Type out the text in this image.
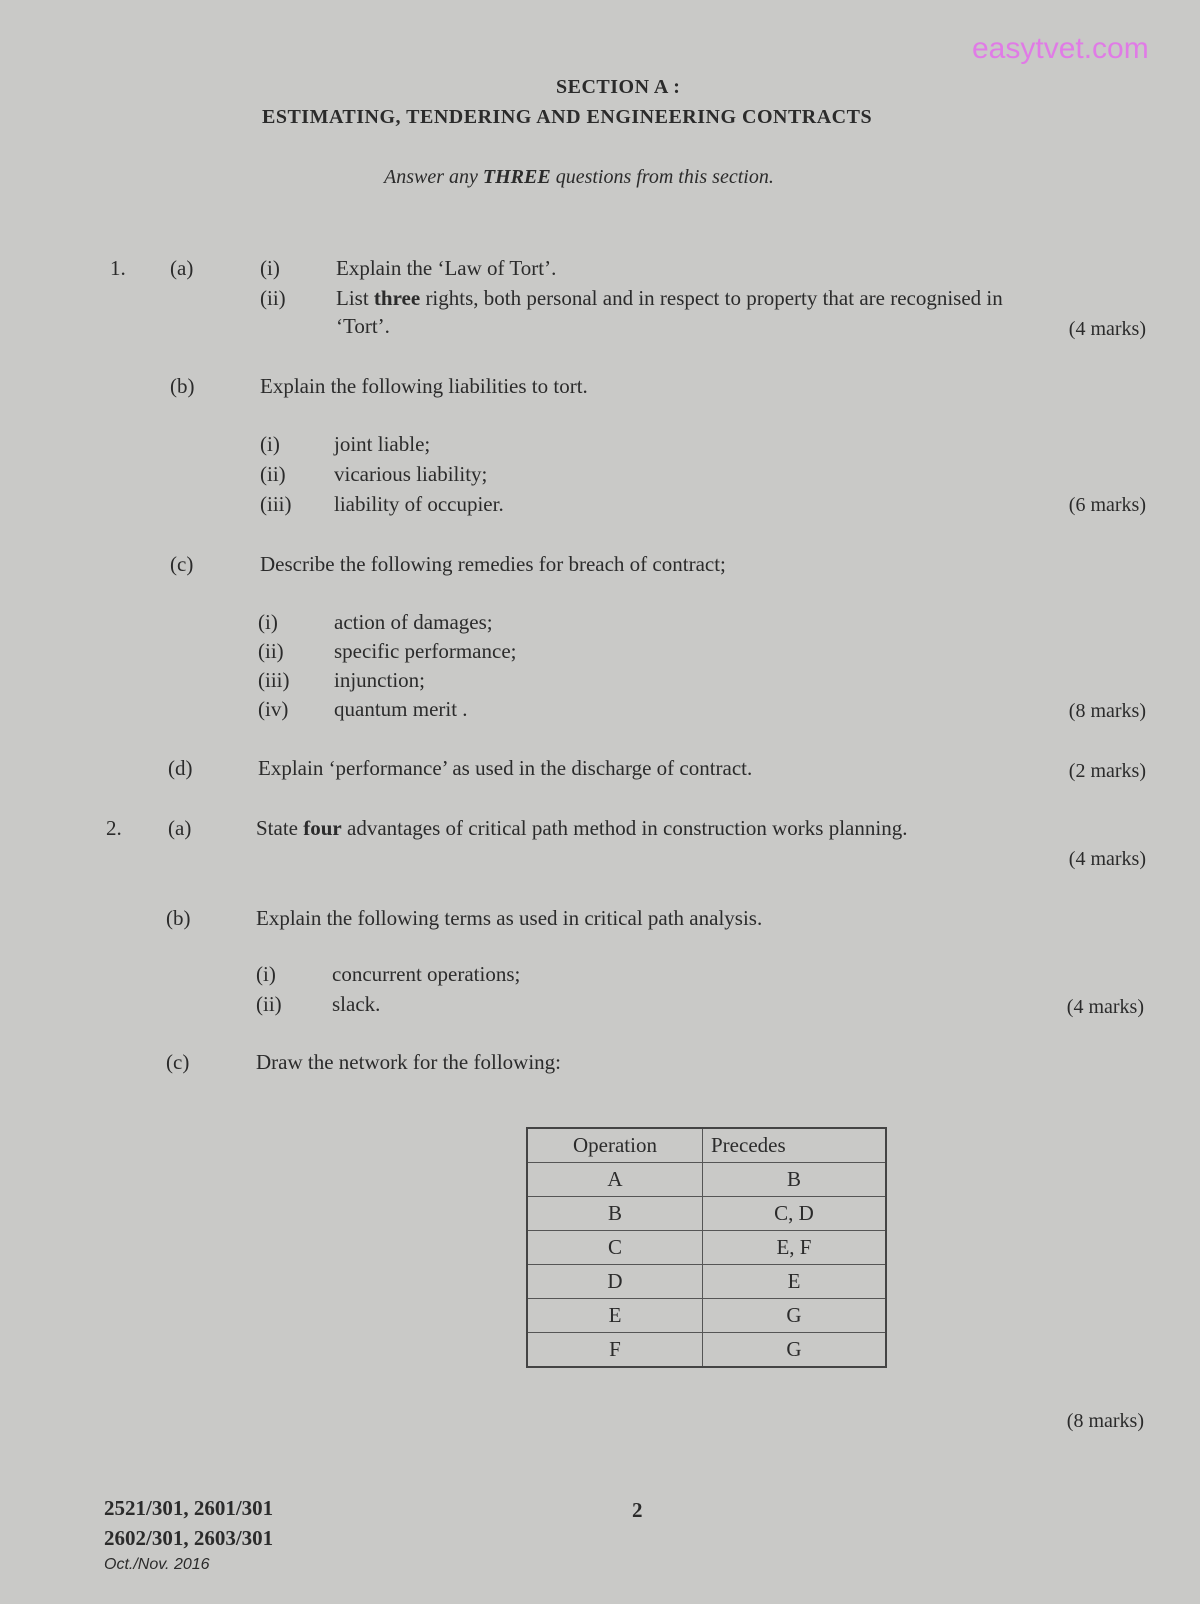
easytvet.com
SECTION A :
ESTIMATING, TENDERING AND ENGINEERING CONTRACTS
Answer any THREE questions from this section.
1. (a)	(i)	Explain the ‘Law of Tort’.
(ii) List three rights, both personal and in respect to property that are recognised in
‘Tort’.	(4 marks)
(b)	Explain the following liabilities to tort.
(i)	joint liable;
(ii) vicarious liability;
(iii) liability of occupier.	(6 marks)
(c)	Describe the following remedies for breach of contract;
(i)	action of damages;
(ii) specific performance;
(iii) injunction;
(iv) quantum merit .	(8 marks)
(d)	Explain ‘performance’ as used in the discharge of contract.	(2 marks)
2. (a)	State four advantages of critical path method in construction works planning.
(4 marks)
(b)	Explain the following terms as used in critical path analysis.
(i)	concurrent operations;
(ii) slack.	(4 marks)
(c)	Draw the network for the following:
Operation	Precedes
A	B
B	C, D
C	E, F
D	E
E	G
F	G
(8 marks)
2521/301, 2601/301
2602/301, 2603/301
Oct./Nov. 2016
2
